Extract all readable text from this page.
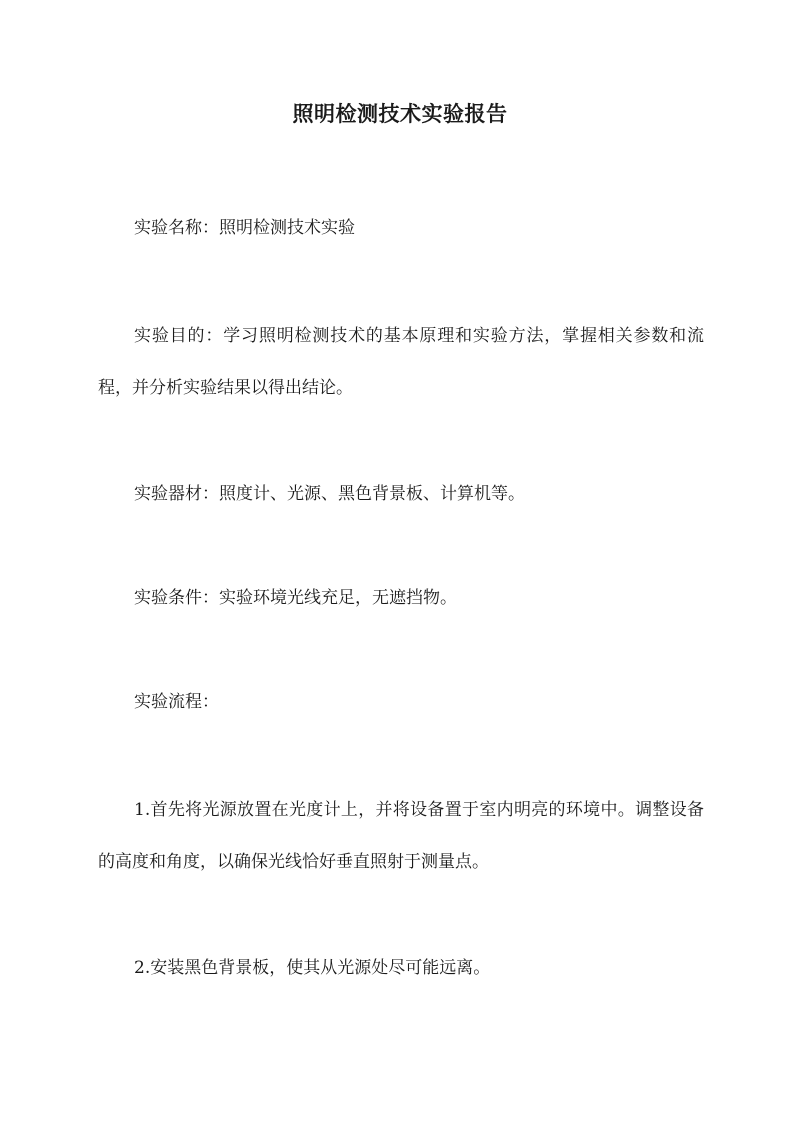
照明检测技术实验报告

实验名称：照明检测技术实验

实验目的：学习照明检测技术的基本原理和实验方法，掌握相关参数和流程，并分析实验结果以得出结论。

实验器材：照度计、光源、黑色背景板、计算机等。

实验条件：实验环境光线充足，无遮挡物。

实验流程：

1.首先将光源放置在光度计上，并将设备置于室内明亮的环境中。调整设备的高度和角度，以确保光线恰好垂直照射于测量点。

2.安装黑色背景板，使其从光源处尽可能远离。
